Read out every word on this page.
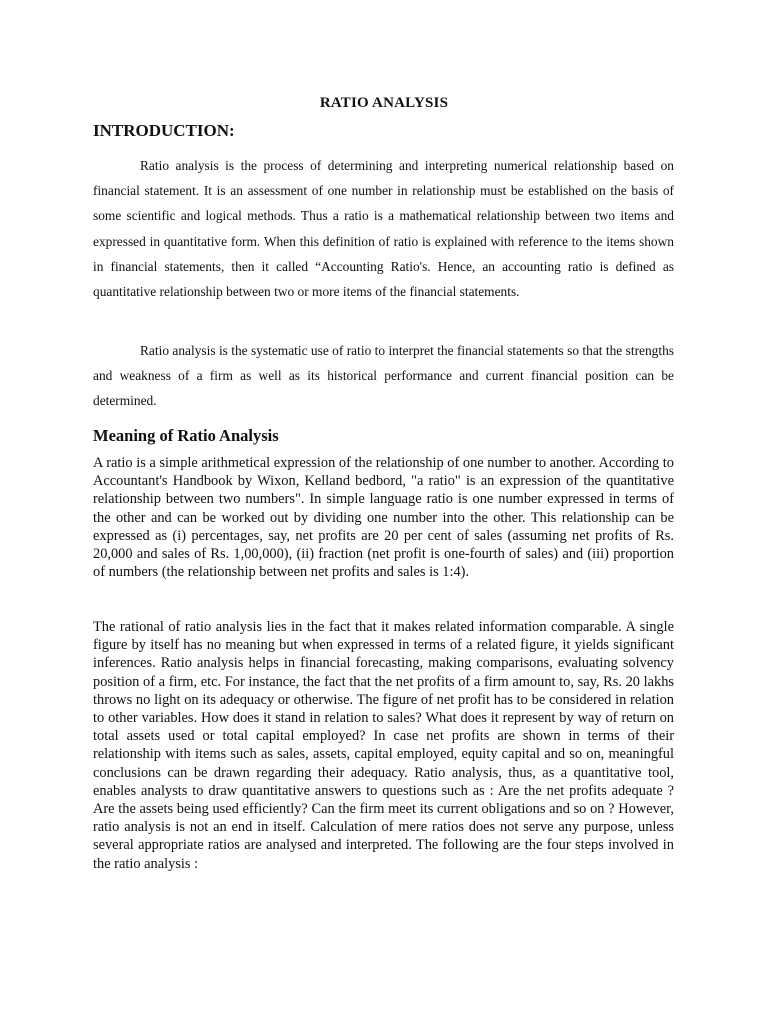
RATIO ANALYSIS
INTRODUCTION:

Ratio analysis is the process of determining and interpreting numerical relationship based on financial statement. It is an assessment of one number in relationship must be established on the basis of some scientific and logical methods. Thus a ratio is a mathematical relationship between two items and expressed in quantitative form. When this definition of ratio is explained with reference to the items shown in financial statements, then it called “Accounting Ratio's. Hence, an accounting ratio is defined as quantitative relationship between two or more items of the financial statements.

Ratio analysis is the systematic use of ratio to interpret the financial statements so that the strengths and weakness of a firm as well as its historical performance and current financial position can be determined.

Meaning of Ratio Analysis

A ratio is a simple arithmetical expression of the relationship of one number to another. According to Accountant's Handbook by Wixon, Kelland bedbord, "a ratio" is an expression of the quantitative relationship between two numbers". In simple language ratio is one number expressed in terms of the other and can be worked out by dividing one number into the other. This relationship can be expressed as (i) percentages, say, net profits are 20 per cent of sales (assuming net profits of Rs. 20,000 and sales of Rs. 1,00,000), (ii) fraction (net profit is one-fourth of sales) and (iii) proportion of numbers (the relationship between net profits and sales is 1:4).

The rational of ratio analysis lies in the fact that it makes related information comparable. A single figure by itself has no meaning but when expressed in terms of a related figure, it yields significant inferences. Ratio analysis helps in financial forecasting, making comparisons, evaluating solvency position of a firm, etc. For instance, the fact that the net profits of a firm amount to, say, Rs. 20 lakhs throws no light on its adequacy or otherwise. The figure of net profit has to be considered in relation to other variables. How does it stand in relation to sales? What does it represent by way of return on total assets used or total capital employed? In case net profits are shown in terms of their relationship with items such as sales, assets, capital employed, equity capital and so on, meaningful conclusions can be drawn regarding their adequacy. Ratio analysis, thus, as a quantitative tool, enables analysts to draw quantitative answers to questions such as : Are the net profits adequate ? Are the assets being used efficiently? Can the firm meet its current obligations and so on ? However, ratio analysis is not an end in itself. Calculation of mere ratios does not serve any purpose, unless several appropriate ratios are analysed and interpreted. The following are the four steps involved in the ratio analysis :
